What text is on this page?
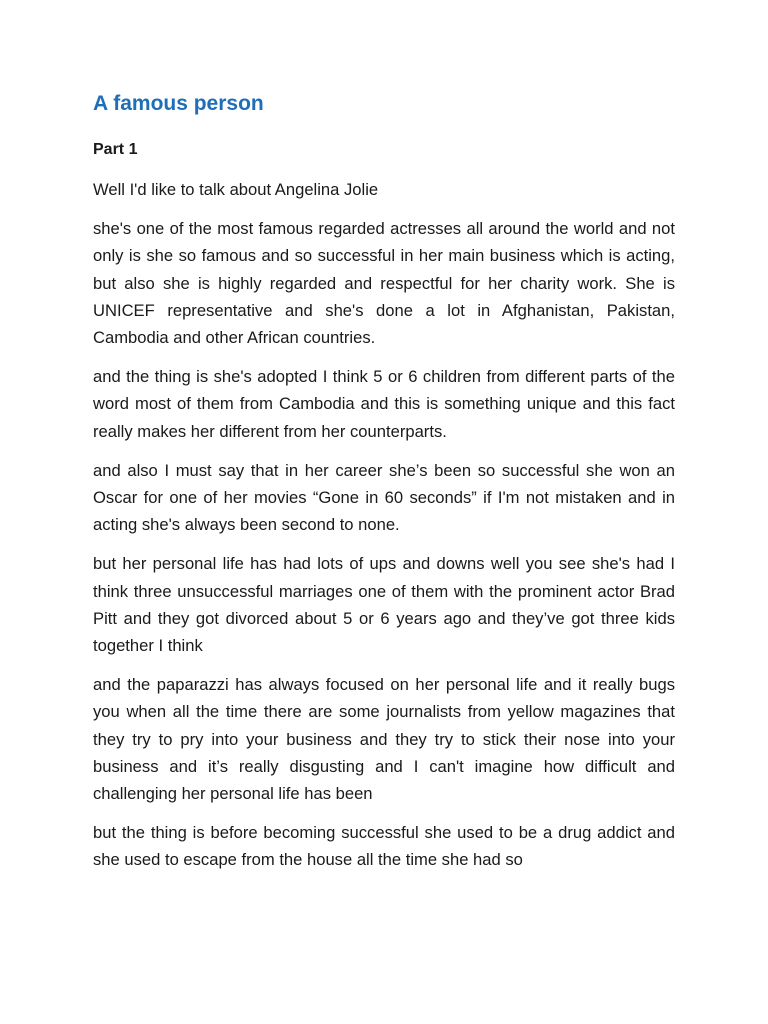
A famous person
Part 1

Well I'd like to talk about Angelina Jolie

she's one of the most famous regarded actresses all around the world and not only is she so famous and so successful in her main business which is acting, but also she is highly regarded and respectful for her charity work. She is UNICEF representative and she's done a lot in Afghanistan, Pakistan, Cambodia and other African countries.

and the thing is she's adopted I think 5 or 6 children from different parts of the word most of them from Cambodia and this is something unique and this fact really makes her different from her counterparts.

and also I must say that in her career she’s been so successful she won an Oscar for one of her movies “Gone in 60 seconds” if I'm not mistaken and in acting she's always been second to none.

but her personal life has had lots of ups and downs well you see she's had I think three unsuccessful marriages one of them with the prominent actor Brad Pitt and they got divorced about 5 or 6 years ago and they’ve got three kids together I think

and the paparazzi has always focused on her personal life and it really bugs you when all the time there are some journalists from yellow magazines that they try to pry into your business and they try to stick their nose into your business and it’s really disgusting and I can't imagine how difficult and challenging her personal life has been

but the thing is before becoming successful she used to be a drug addict and she used to escape from the house all the time she had so
